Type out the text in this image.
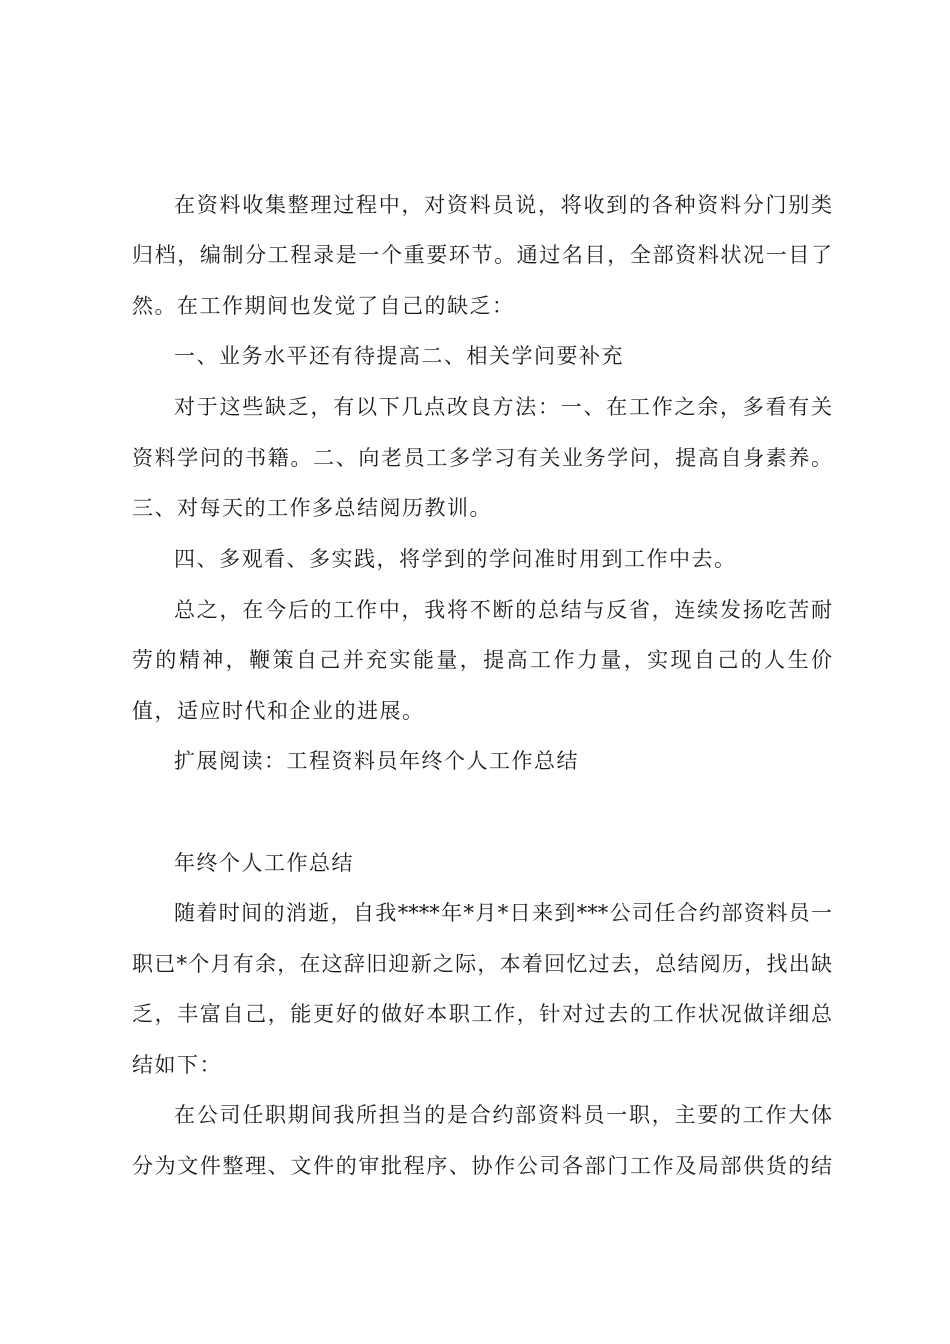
在资料收集整理过程中，对资料员说，将收到的各种资料分门别类
归档，编制分工程录是一个重要环节。通过名目，全部资料状况一目了
然。在工作期间也发觉了自己的缺乏：
一、业务水平还有待提高二、相关学问要补充
对于这些缺乏，有以下几点改良方法：一、在工作之余，多看有关
资料学问的书籍。二、向老员工多学习有关业务学问，提高自身素养。
三、对每天的工作多总结阅历教训。
四、多观看、多实践，将学到的学问准时用到工作中去。
总之，在今后的工作中，我将不断的总结与反省，连续发扬吃苦耐
劳的精神，鞭策自己并充实能量，提高工作力量，实现自己的人生价
值，适应时代和企业的进展。
扩展阅读：工程资料员年终个人工作总结
年终个人工作总结
随着时间的消逝，自我****年*月*日来到***公司任合约部资料员一
职已*个月有余，在这辞旧迎新之际，本着回忆过去，总结阅历，找出缺
乏，丰富自己，能更好的做好本职工作，针对过去的工作状况做详细总
结如下：
在公司任职期间我所担当的是合约部资料员一职，主要的工作大体
分为文件整理、文件的审批程序、协作公司各部门工作及局部供货的结
